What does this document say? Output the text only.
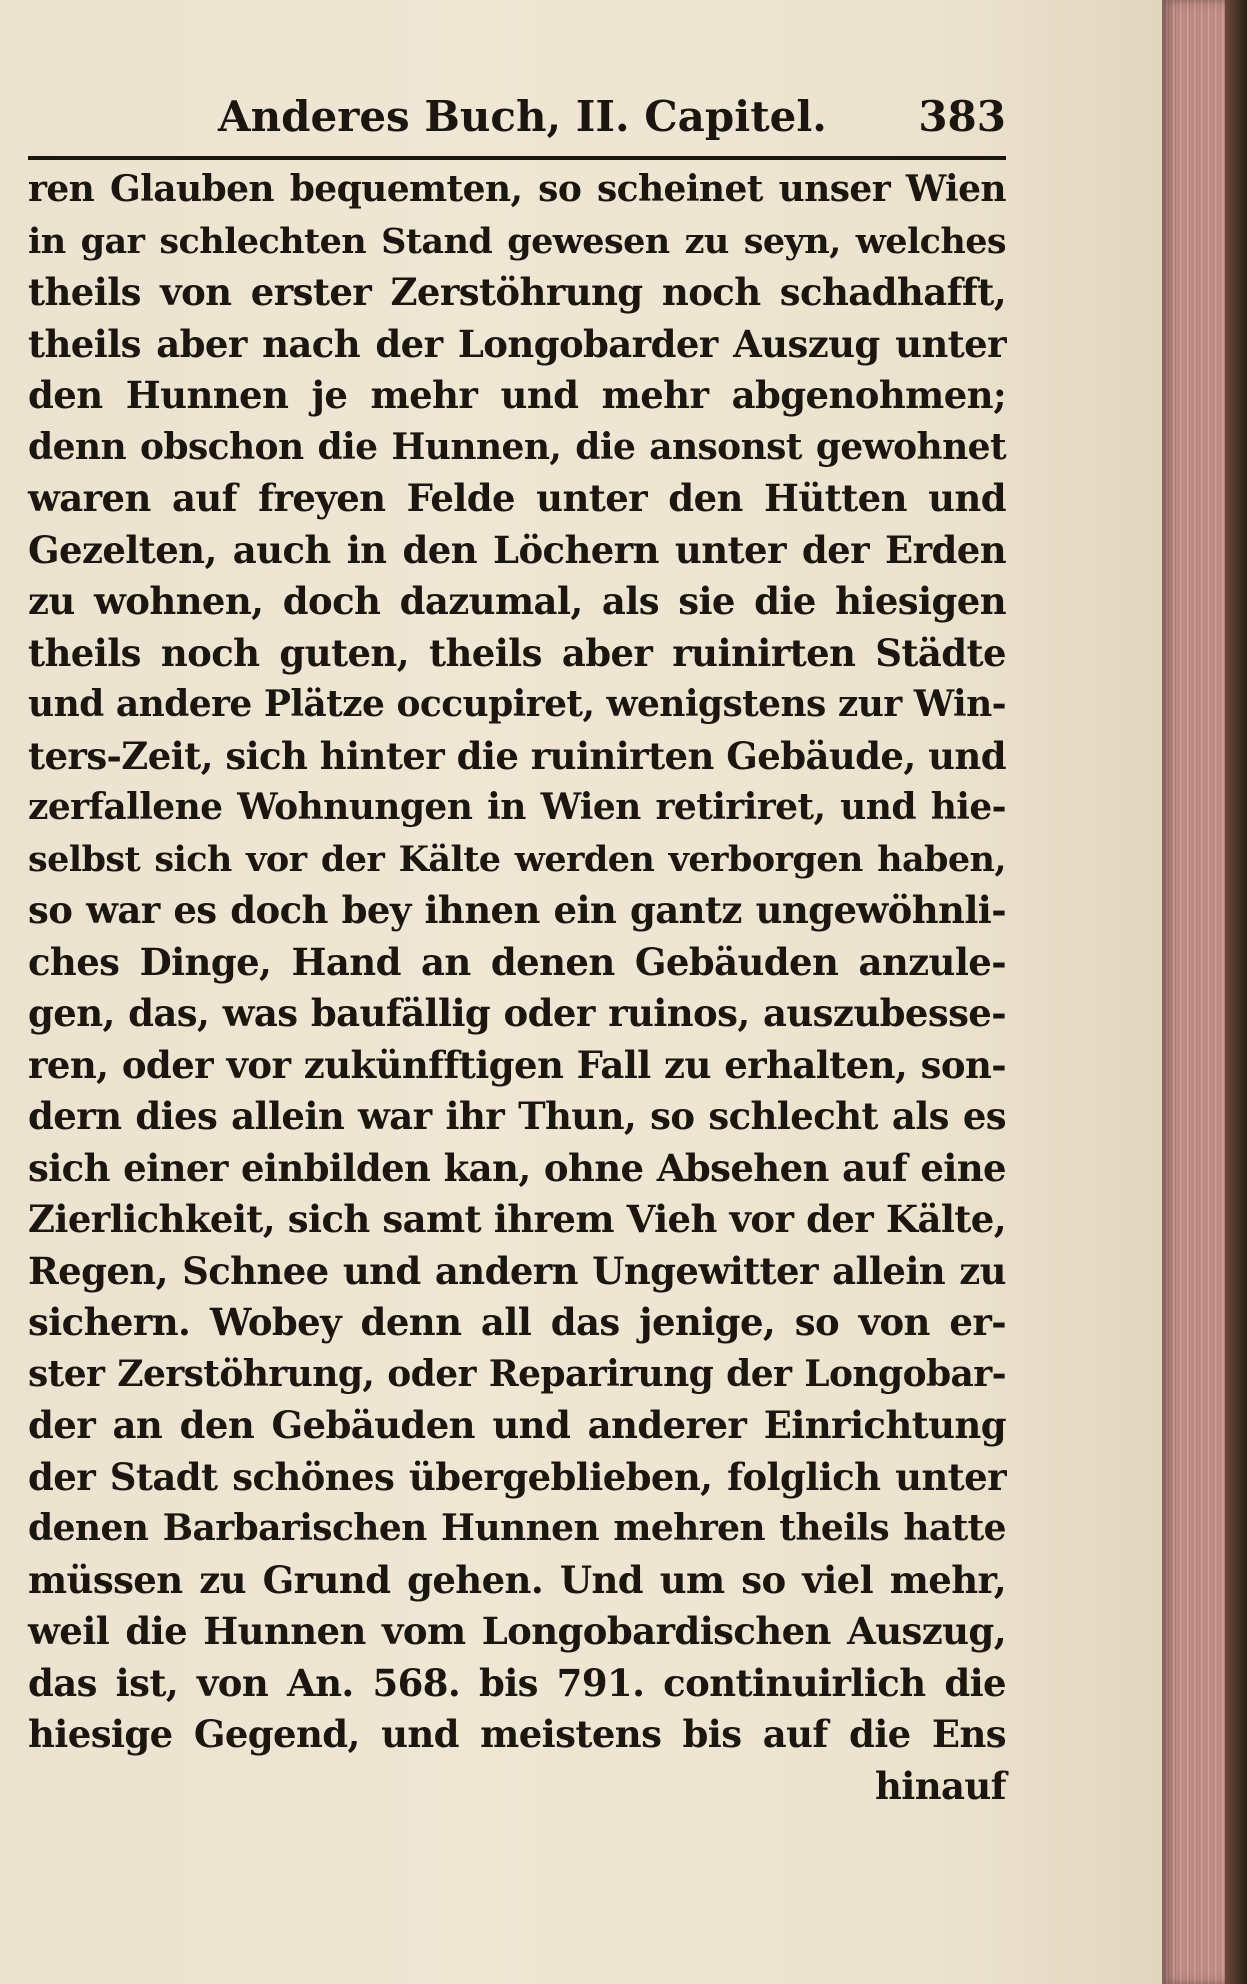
Anderes Buch, II. Capitel. 383
ren Glauben bequemten, so scheinet unser Wien
in gar schlechten Stand gewesen zu seyn, welches
theils von erster Zerstöhrung noch schadhafft,
theils aber nach der Longobarder Auszug unter
den Hunnen je mehr und mehr abgenohmen;
denn obschon die Hunnen, die ansonst gewohnet
waren auf freyen Felde unter den Hütten und
Gezelten, auch in den Löchern unter der Erden
zu wohnen, doch dazumal, als sie die hiesigen
theils noch guten, theils aber ruinirten Städte
und andere Plätze occupiret, wenigstens zur Win-
ters-Zeit, sich hinter die ruinirten Gebäude, und
zerfallene Wohnungen in Wien retiriret, und hie-
selbst sich vor der Kälte werden verborgen haben,
so war es doch bey ihnen ein gantz ungewöhnli-
ches Dinge, Hand an denen Gebäuden anzule-
gen, das, was baufällig oder ruinos, auszubesse-
ren, oder vor zukünfftigen Fall zu erhalten, son-
dern dies allein war ihr Thun, so schlecht als es
sich einer einbilden kan, ohne Absehen auf eine
Zierlichkeit, sich samt ihrem Vieh vor der Kälte,
Regen, Schnee und andern Ungewitter allein zu
sichern. Wobey denn all das jenige, so von er-
ster Zerstöhrung, oder Reparirung der Longobar-
der an den Gebäuden und anderer Einrichtung
der Stadt schönes übergeblieben, folglich unter
denen Barbarischen Hunnen mehren theils hatte
müssen zu Grund gehen. Und um so viel mehr,
weil die Hunnen vom Longobardischen Auszug,
das ist, von An. 568. bis 791. continuirlich die
hiesige Gegend, und meistens bis auf die Ens
hinauf
